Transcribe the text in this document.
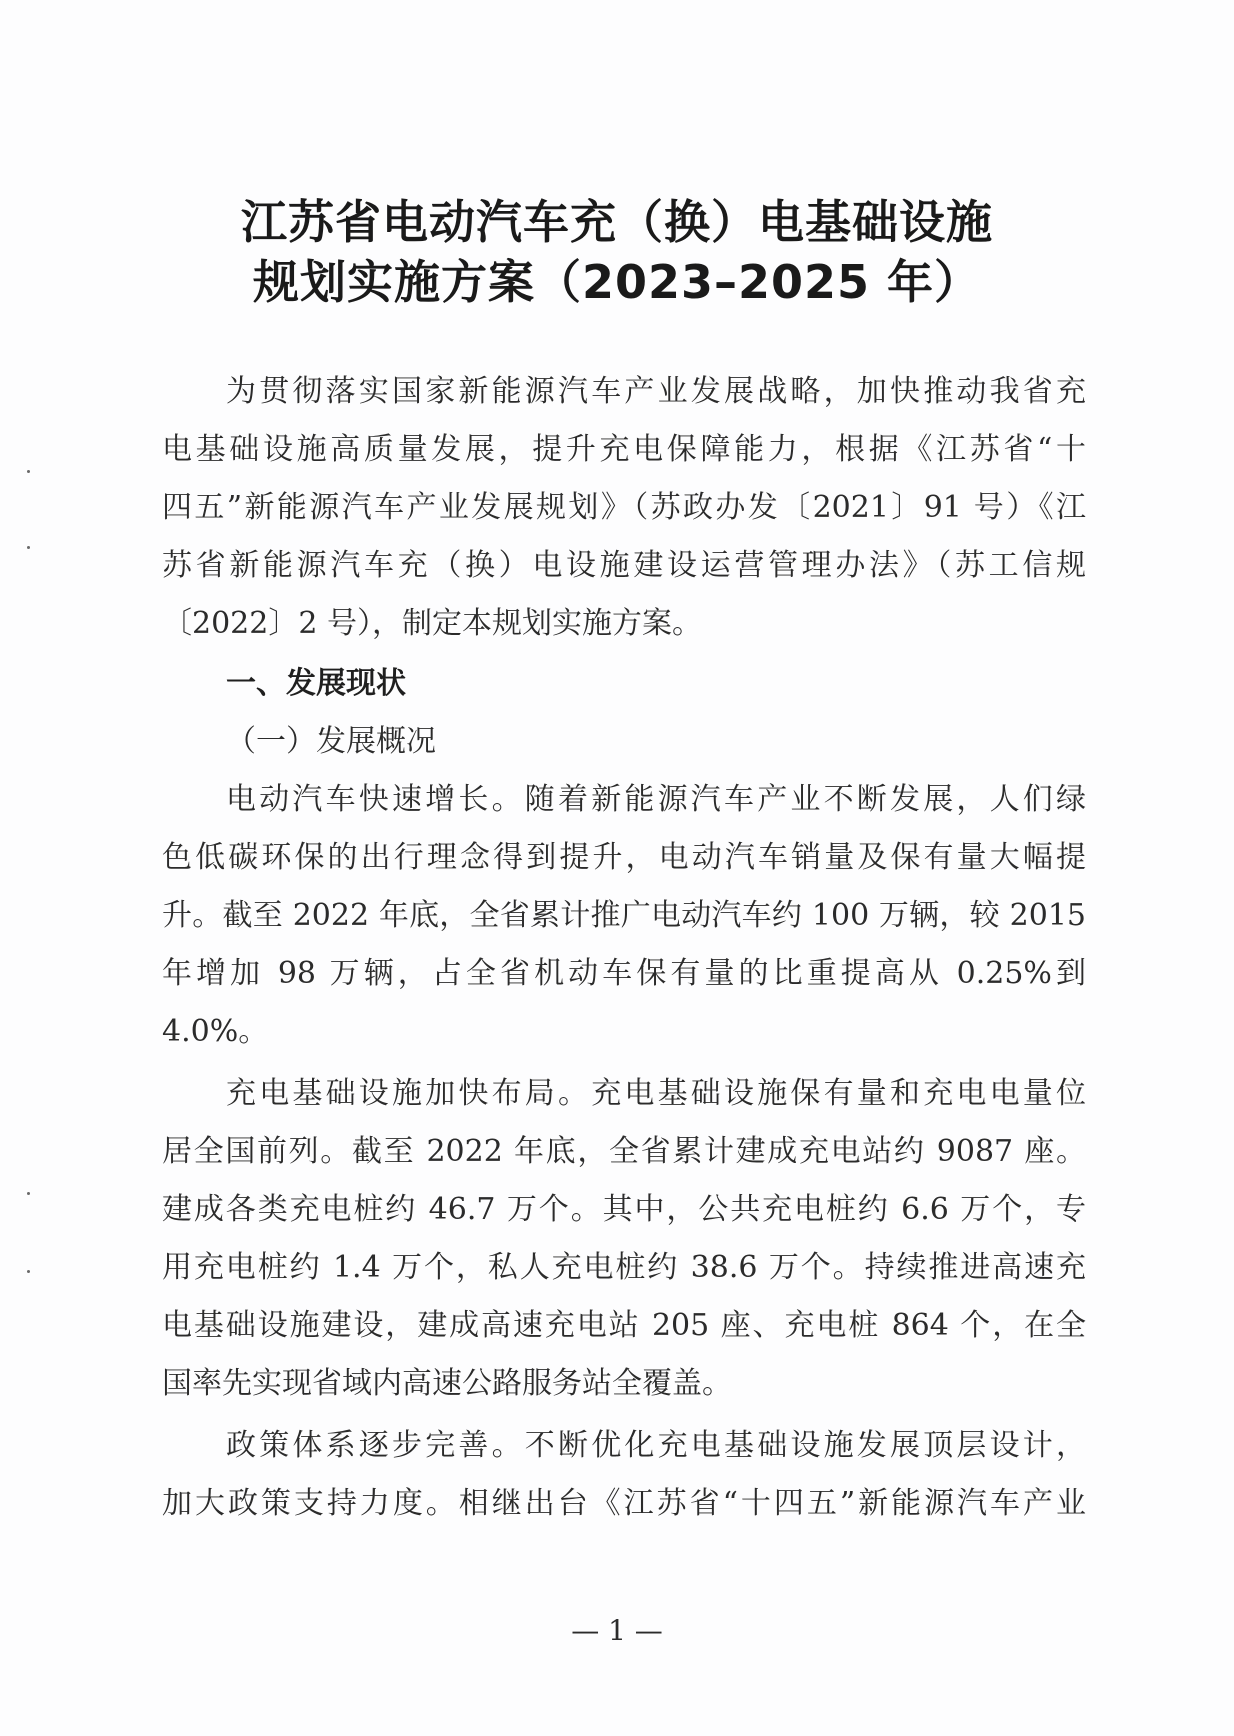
江苏省电动汽车充（换）电基础设施
规划实施方案（2023–2025 年）
为贯彻落实国家新能源汽车产业发展战略，加快推动我省充
电基础设施高质量发展，提升充电保障能力，根据《江苏省“十
四五”新能源汽车产业发展规划》（苏政办发〔2021〕91 号）《江
苏省新能源汽车充（换）电设施建设运营管理办法》（苏工信规
〔2022〕2 号），制定本规划实施方案。
一、发展现状
（一）发展概况
电动汽车快速增长。随着新能源汽车产业不断发展，人们绿
色低碳环保的出行理念得到提升，电动汽车销量及保有量大幅提
升。截至 2022 年底，全省累计推广电动汽车约 100 万辆，较 2015
年增加 98 万辆，占全省机动车保有量的比重提高从 0.25%到
4.0%。
充电基础设施加快布局。充电基础设施保有量和充电电量位
居全国前列。截至 2022 年底，全省累计建成充电站约 9087 座。
建成各类充电桩约 46.7 万个。其中，公共充电桩约 6.6 万个，专
用充电桩约 1.4 万个，私人充电桩约 38.6 万个。持续推进高速充
电基础设施建设，建成高速充电站 205 座、充电桩 864 个，在全
国率先实现省域内高速公路服务站全覆盖。
政策体系逐步完善。不断优化充电基础设施发展顶层设计，
加大政策支持力度。相继出台《江苏省“十四五”新能源汽车产业
— 1 —
